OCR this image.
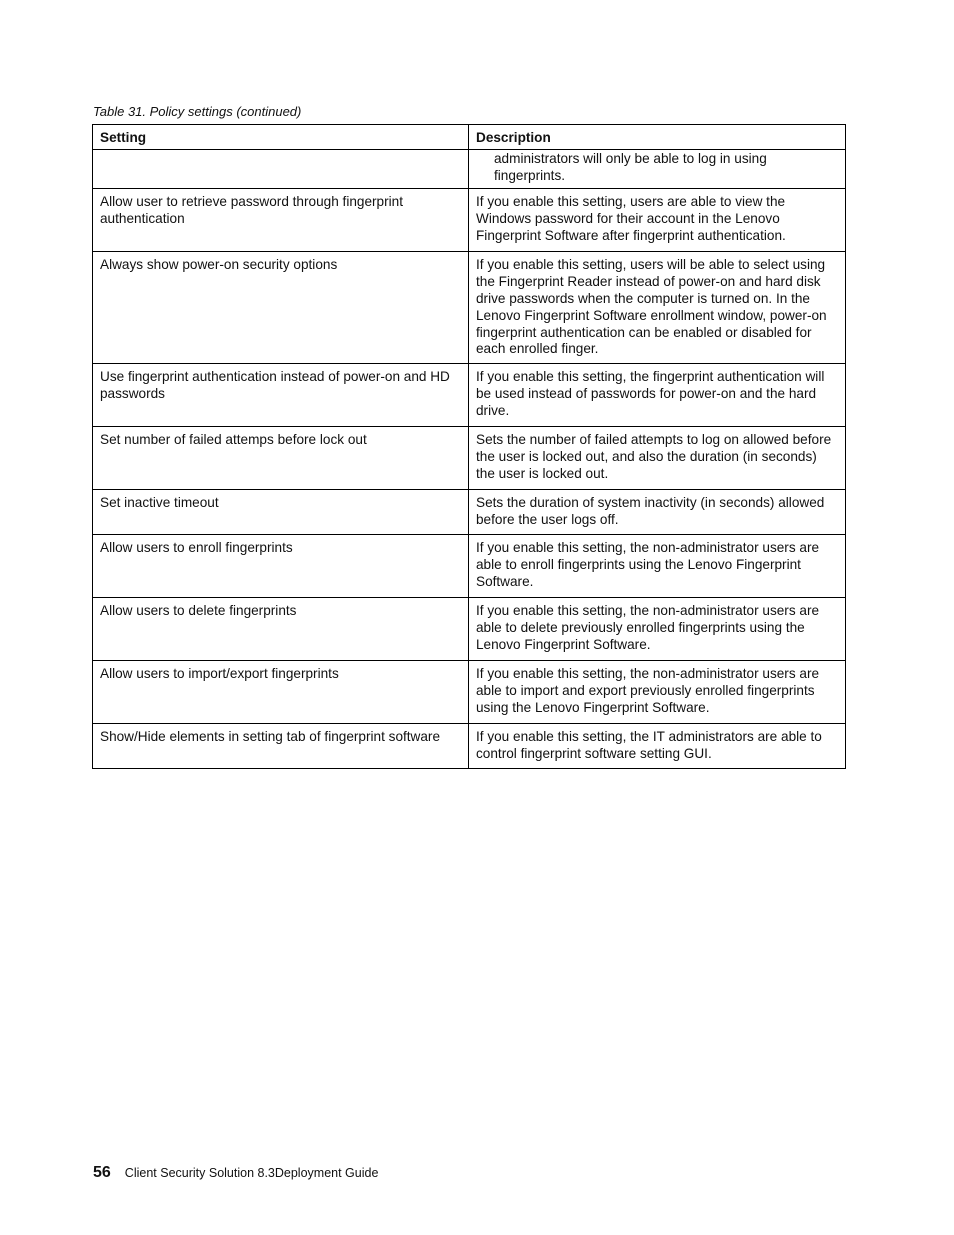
Table 31. Policy settings (continued)
Setting	Description

	administrators will only be able to log in using fingerprints.

Allow user to retrieve password through fingerprint authentication	If you enable this setting, users are able to view the Windows password for their account in the Lenovo Fingerprint Software after fingerprint authentication.
Always show power-on security options	If you enable this setting, users will be able to select using the Fingerprint Reader instead of power-on and hard disk drive passwords when the computer is turned on. In the Lenovo Fingerprint Software enrollment window, power-on fingerprint authentication can be enabled or disabled for each enrolled finger.
Use fingerprint authentication instead of power-on and HD passwords	If you enable this setting, the fingerprint authentication will be used instead of passwords for power-on and the hard drive.
Set number of failed attemps before lock out	Sets the number of failed attempts to log on allowed before the user is locked out, and also the duration (in seconds) the user is locked out.
Set inactive timeout	Sets the duration of system inactivity (in seconds) allowed before the user logs off.
Allow users to enroll fingerprints	If you enable this setting, the non-administrator users are able to enroll fingerprints using the Lenovo Fingerprint Software.
Allow users to delete fingerprints	If you enable this setting, the non-administrator users are able to delete previously enrolled fingerprints using the Lenovo Fingerprint Software.
Allow users to import/export fingerprints	If you enable this setting, the non-administrator users are able to import and export previously enrolled fingerprints using the Lenovo Fingerprint Software.
Show/Hide elements in setting tab of fingerprint software	If you enable this setting, the IT administrators are able to control fingerprint software setting GUI.
56 Client Security Solution 8.3Deployment Guide
